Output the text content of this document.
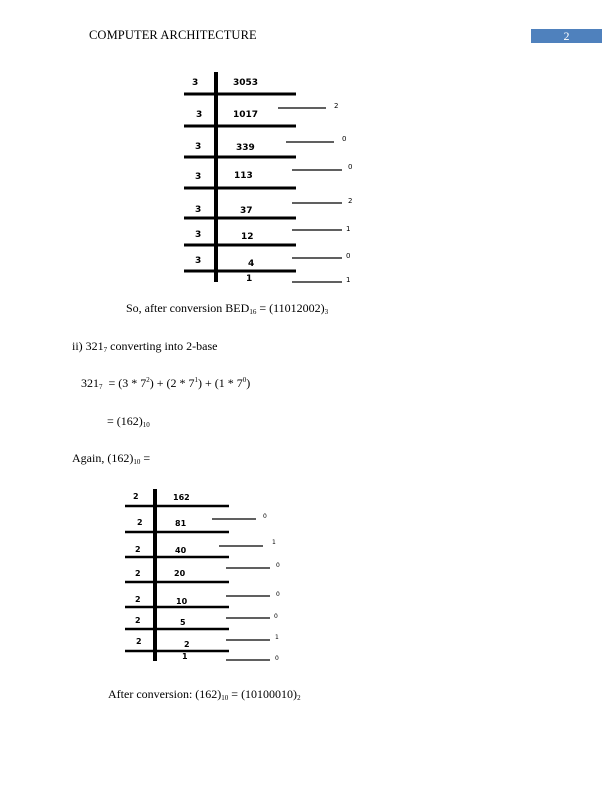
COMPUTER ARCHITECTURE	2
3
3
3
3
3
3
3
3053
1017
339
113
37
12
4
1
2
0
0
2
1
0
1
So, after conversion $BED_{16} = (11012002)_3$
ii) $321_7$ converting into 2-base
$321_7 = (3 * 7^2) + (2 * 7^1) + (1 * 7^0)$
= $(162)_{10}$
Again, $(162)_{10}$ =
2
2
2
2
2
2
2
162
81
40
20
10
5
2
1
0
1
0
0
0
1
0
After conversion: $(162)_{10} = (10100010)_2$
